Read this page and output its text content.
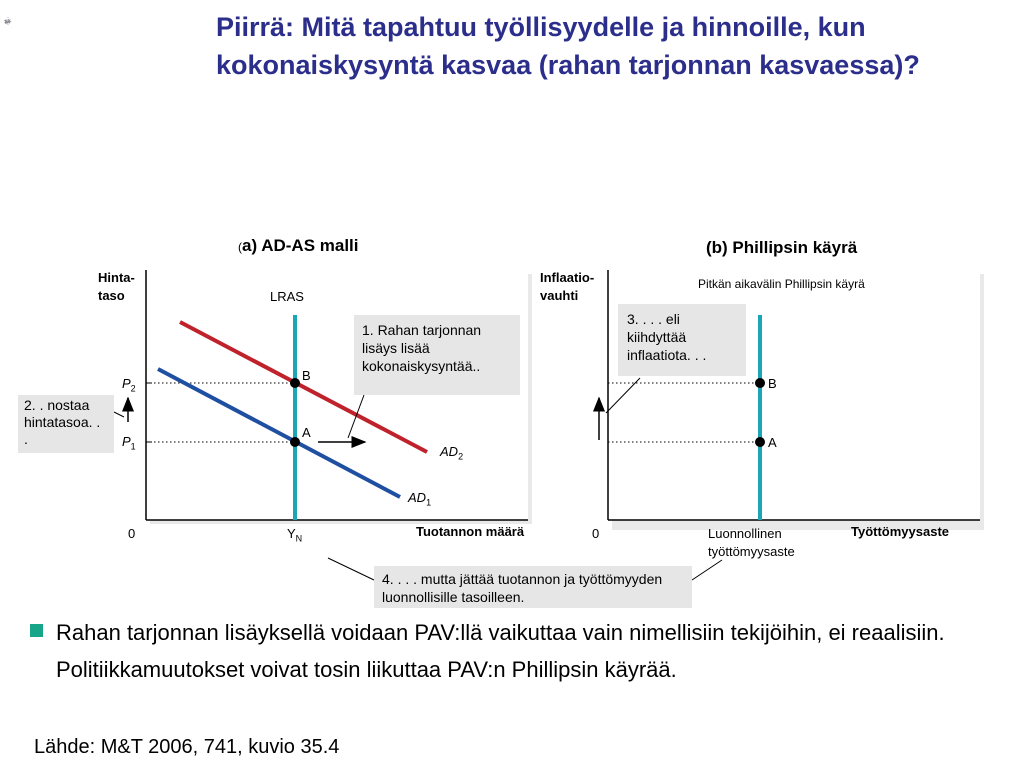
Piirrä: Mitä tapahtuu työllisyydelle ja hinnoille, kun kokonaiskysyntä kasvaa (rahan tarjonnan kasvaessa)?
(a) AD-AS malli
Hinta-
taso	LRAS
$P_2$
$P_1$
B
A
$AD_2$
$AD_1$
0	$Y_N$	Tuotannon määrä
(b) Phillipsin käyrä
Inflaatio-
vauhti
Pitkän aikavälin Phillipsin käyrä
B
A
0	Luonnollinen
työttömyysaste
Työttömyysaste
1. Rahan tarjonnan lisäys lisää kokonaiskysyntää..
2. . nostaa hintatasoa. . .
3. . . . eli kiihdyttää inflaatiota. . .
4. . . . mutta jättää tuotannon ja työttömyyden luonnollisille tasoilleen.
Rahan tarjonnan lisäyksellä voidaan PAV:llä vaikuttaa vain nimellisiin tekijöihin, ei reaalisiin. Politiikkamuutokset voivat tosin liikuttaa PAV:n Phillipsin käyrää.
Lähde: M&T 2006, 741, kuvio 35.4
